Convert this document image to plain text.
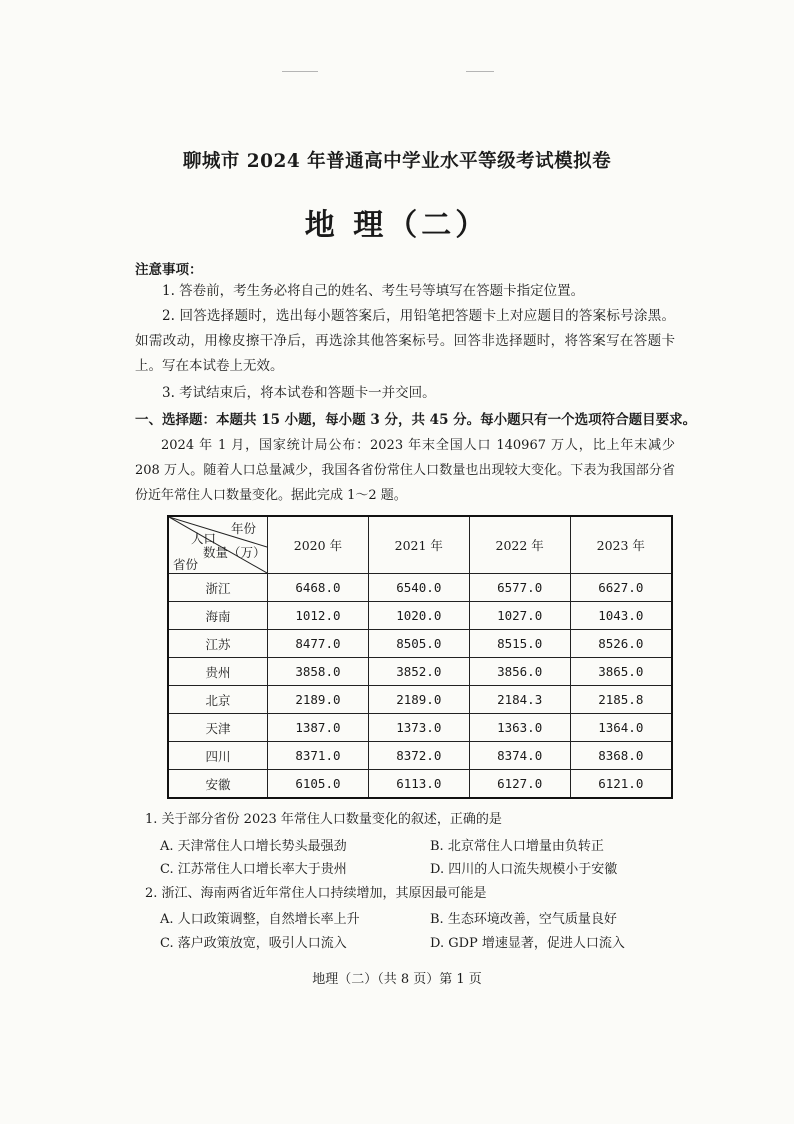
聊城市 2024 年普通高中学业水平等级考试模拟卷
地 理（二）
注意事项：
1. 答卷前，考生务必将自己的姓名、考生号等填写在答题卡指定位置。
2. 回答选择题时，选出每小题答案后，用铅笔把答题卡上对应题目的答案标号涂黑。如需改动，用橡皮擦干净后，再选涂其他答案标号。回答非选择题时，将答案写在答题卡上。写在本试卷上无效。
3. 考试结束后，将本试卷和答题卡一并交回。
一、选择题：本题共 15 小题，每小题 3 分，共 45 分。每小题只有一个选项符合题目要求。
2024 年 1 月，国家统计局公布：2023 年末全国人口 140967 万人，比上年末减少 208 万人。随着人口总量减少，我国各省份常住人口数量也出现较大变化。下表为我国部分省份近年常住人口数量变化。据此完成 1～2 题。
年份
人口
数量（万）
省份	2020 年	2021 年	2022 年	2023 年
浙江	6468.0	6540.0	6577.0	6627.0
海南	1012.0	1020.0	1027.0	1043.0
江苏	8477.0	8505.0	8515.0	8526.0
贵州	3858.0	3852.0	3856.0	3865.0
北京	2189.0	2189.0	2184.3	2185.8
天津	1387.0	1373.0	1363.0	1364.0
四川	8371.0	8372.0	8374.0	8368.0
安徽	6105.0	6113.0	6127.0	6121.0
1. 关于部分省份 2023 年常住人口数量变化的叙述，正确的是
A. 天津常住人口增长势头最强劲	B. 北京常住人口增量由负转正
C. 江苏常住人口增长率大于贵州	D. 四川的人口流失规模小于安徽
2. 浙江、海南两省近年常住人口持续增加，其原因最可能是
A. 人口政策调整，自然增长率上升	B. 生态环境改善，空气质量良好
C. 落户政策放宽，吸引人口流入	D. GDP 增速显著，促进人口流入
地理（二）（共 8 页）第 1 页
